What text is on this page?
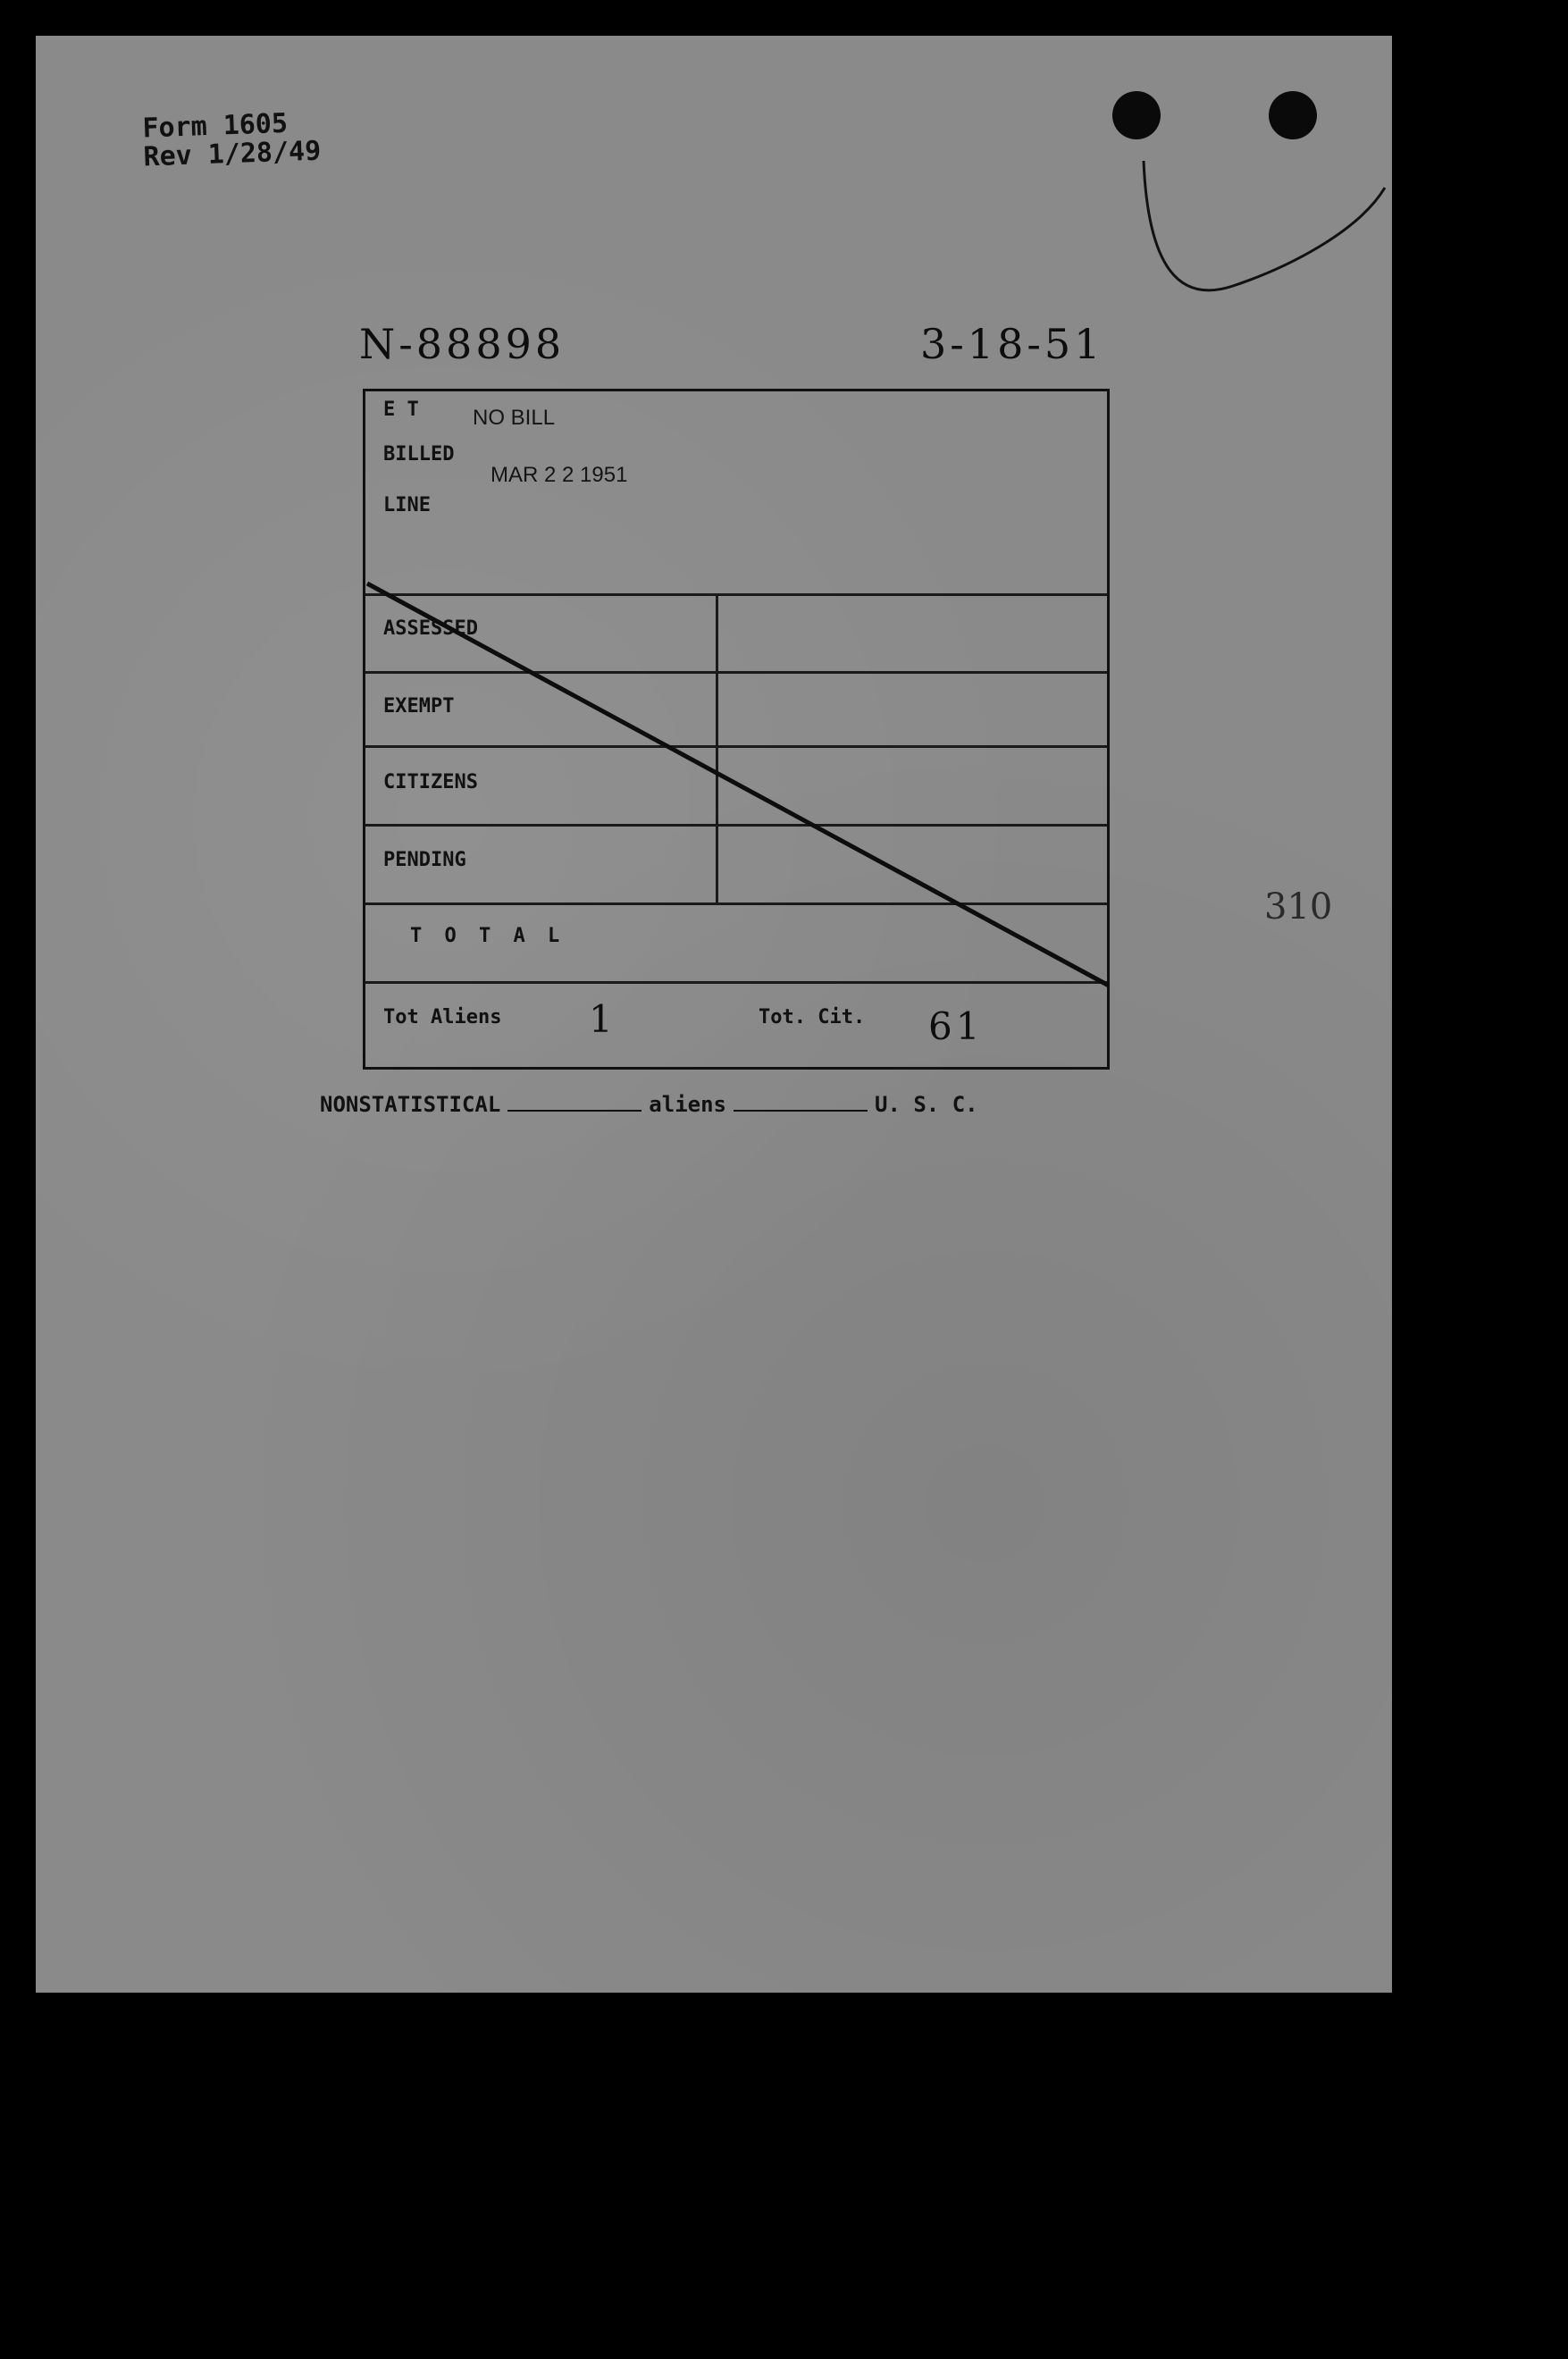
Form 1605
Rev 1/28/49
N-88898	3-18-51
310
E T	NO BILL
BILLED
MAR 2 2 1951
LINE
ASSESSED
EXEMPT
CITIZENS
PENDING
T O T A L
Tot Aliens 1	Tot. Cit. 61
NONSTATISTICAL	aliens	U. S. C.
